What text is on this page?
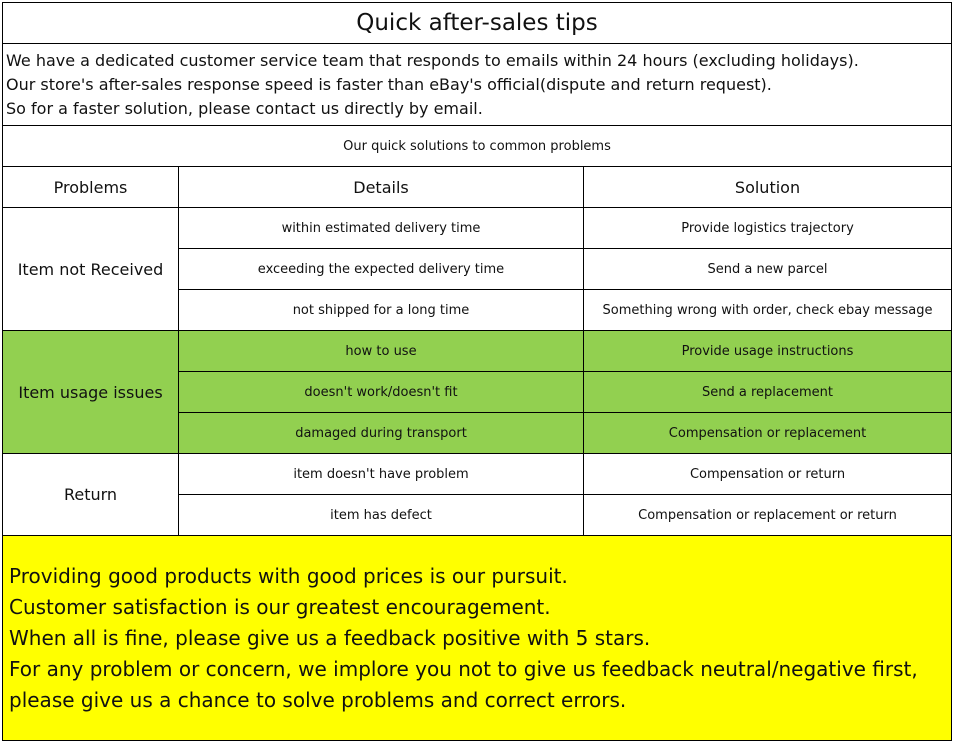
Quick after-sales tips		

We have a dedicated customer service team that responds to emails within 24 hours (excluding holidays).
Our store's after-sales response speed is faster than eBay's official(dispute and return request).
So for a faster solution, please contact us directly by email.		

Our quick solutions to common problems		
Problems	Details	Solution
Item not Received	within estimated delivery time	Provide logistics trajectory
	exceeding the expected delivery time	Send a new parcel
	not shipped for a long time	Something wrong with order, check ebay message
Item usage issues	how to use	Provide usage instructions
	doesn't work/doesn't fit	Send a replacement
	damaged during transport	Compensation or replacement
Return	item doesn't have problem	Compensation or return
	item has defect	Compensation or replacement or return

Providing good products with good prices is our pursuit.
Customer satisfaction is our greatest encouragement.
When all is fine, please give us a feedback positive with 5 stars.
For any problem or concern, we implore you not to give us feedback neutral/negative first,
please give us a chance to solve problems and correct errors.		
